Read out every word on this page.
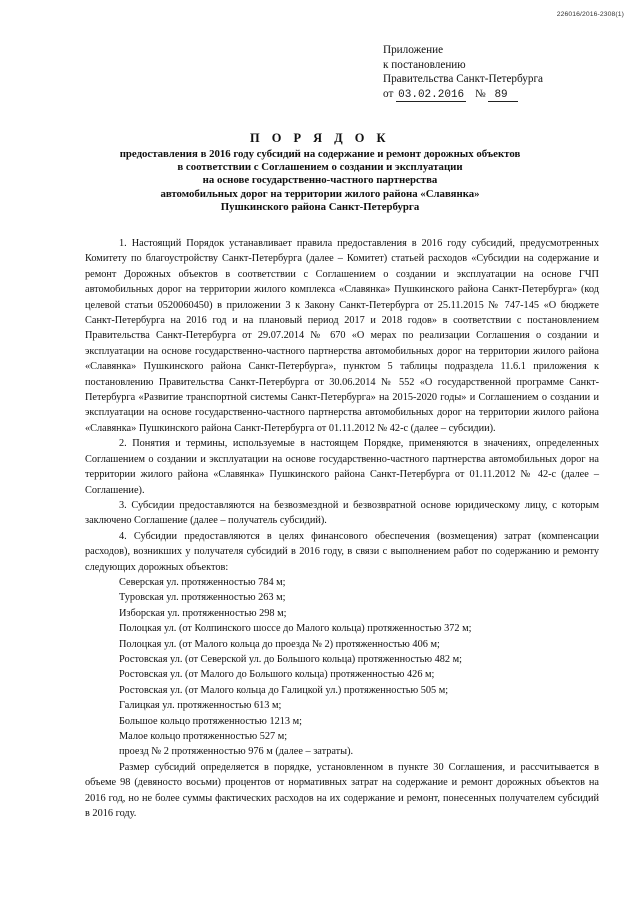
226016/2016-2308(1)
Приложение
к постановлению
Правительства Санкт-Петербурга
от 03.02.2016 № 89
П О Р Я Д О К
предоставления в 2016 году субсидий на содержание и ремонт дорожных объектов
в соответствии с Соглашением о создании и эксплуатации
на основе государственно-частного партнерства
автомобильных дорог на территории жилого района «Славянка»
Пушкинского района Санкт-Петербурга

1. Настоящий Порядок устанавливает правила предоставления в 2016 году субсидий, предусмотренных Комитету по благоустройству Санкт-Петербурга (далее – Комитет) статьей расходов «Субсидии на содержание и ремонт Дорожных объектов в соответствии с Соглашением о создании и эксплуатации на основе ГЧП автомобильных дорог на территории жилого комплекса «Славянка» Пушкинского района Санкт-Петербурга» (код целевой статьи 0520060450) в приложении 3 к Закону Санкт-Петербурга от 25.11.2015 № 747-145 «О бюджете Санкт-Петербурга на 2016 год и на плановый период 2017 и 2018 годов» в соответствии с постановлением Правительства Санкт-Петербурга от 29.07.2014 № 670 «О мерах по реализации Соглашения о создании и эксплуатации на основе государственно-частного партнерства автомобильных дорог на территории жилого района «Славянка» Пушкинского района Санкт-Петербурга», пунктом 5 таблицы подраздела 11.6.1 приложения к постановлению Правительства Санкт-Петербурга от 30.06.2014 № 552 «О государственной программе Санкт-Петербурга «Развитие транспортной системы Санкт-Петербурга» на 2015-2020 годы» и Соглашением о создании и эксплуатации на основе государственно-частного партнерства автомобильных дорог на территории жилого района «Славянка» Пушкинского района Санкт-Петербурга от 01.11.2012 № 42-с (далее – субсидии).

2. Понятия и термины, используемые в настоящем Порядке, применяются в значениях, определенных Соглашением о создании и эксплуатации на основе государственно-частного партнерства автомобильных дорог на территории жилого района «Славянка» Пушкинского района Санкт-Петербурга от 01.11.2012 № 42-с (далее – Соглашение).

3. Субсидии предоставляются на безвозмездной и безвозвратной основе юридическому лицу, с которым заключено Соглашение (далее – получатель субсидий).

4. Субсидии предоставляются в целях финансового обеспечения (возмещения) затрат (компенсации расходов), возникших у получателя субсидий в 2016 году, в связи с выполнением работ по содержанию и ремонту следующих дорожных объектов:

Северская ул. протяженностью 784 м;
Туровская ул. протяженностью 263 м;
Изборская ул. протяженностью 298 м;
Полоцкая ул. (от Колпинского шоссе до Малого кольца) протяженностью 372 м;
Полоцкая ул. (от Малого кольца до проезда № 2) протяженностью 406 м;
Ростовская ул. (от Северской ул. до Большого кольца) протяженностью 482 м;
Ростовская ул. (от Малого до Большого кольца) протяженностью 426 м;
Ростовская ул. (от Малого кольца до Галицкой ул.) протяженностью 505 м;
Галицкая ул. протяженностью 613 м;
Большое кольцо протяженностью 1213 м;
Малое кольцо протяженностью 527 м;
проезд № 2 протяженностью 976 м (далее – затраты).

Размер субсидий определяется в порядке, установленном в пункте 30 Соглашения, и рассчитывается в объеме 98 (девяносто восьми) процентов от нормативных затрат на содержание и ремонт дорожных объектов на 2016 год, но не более суммы фактических расходов на их содержание и ремонт, понесенных получателем субсидий в 2016 году.
